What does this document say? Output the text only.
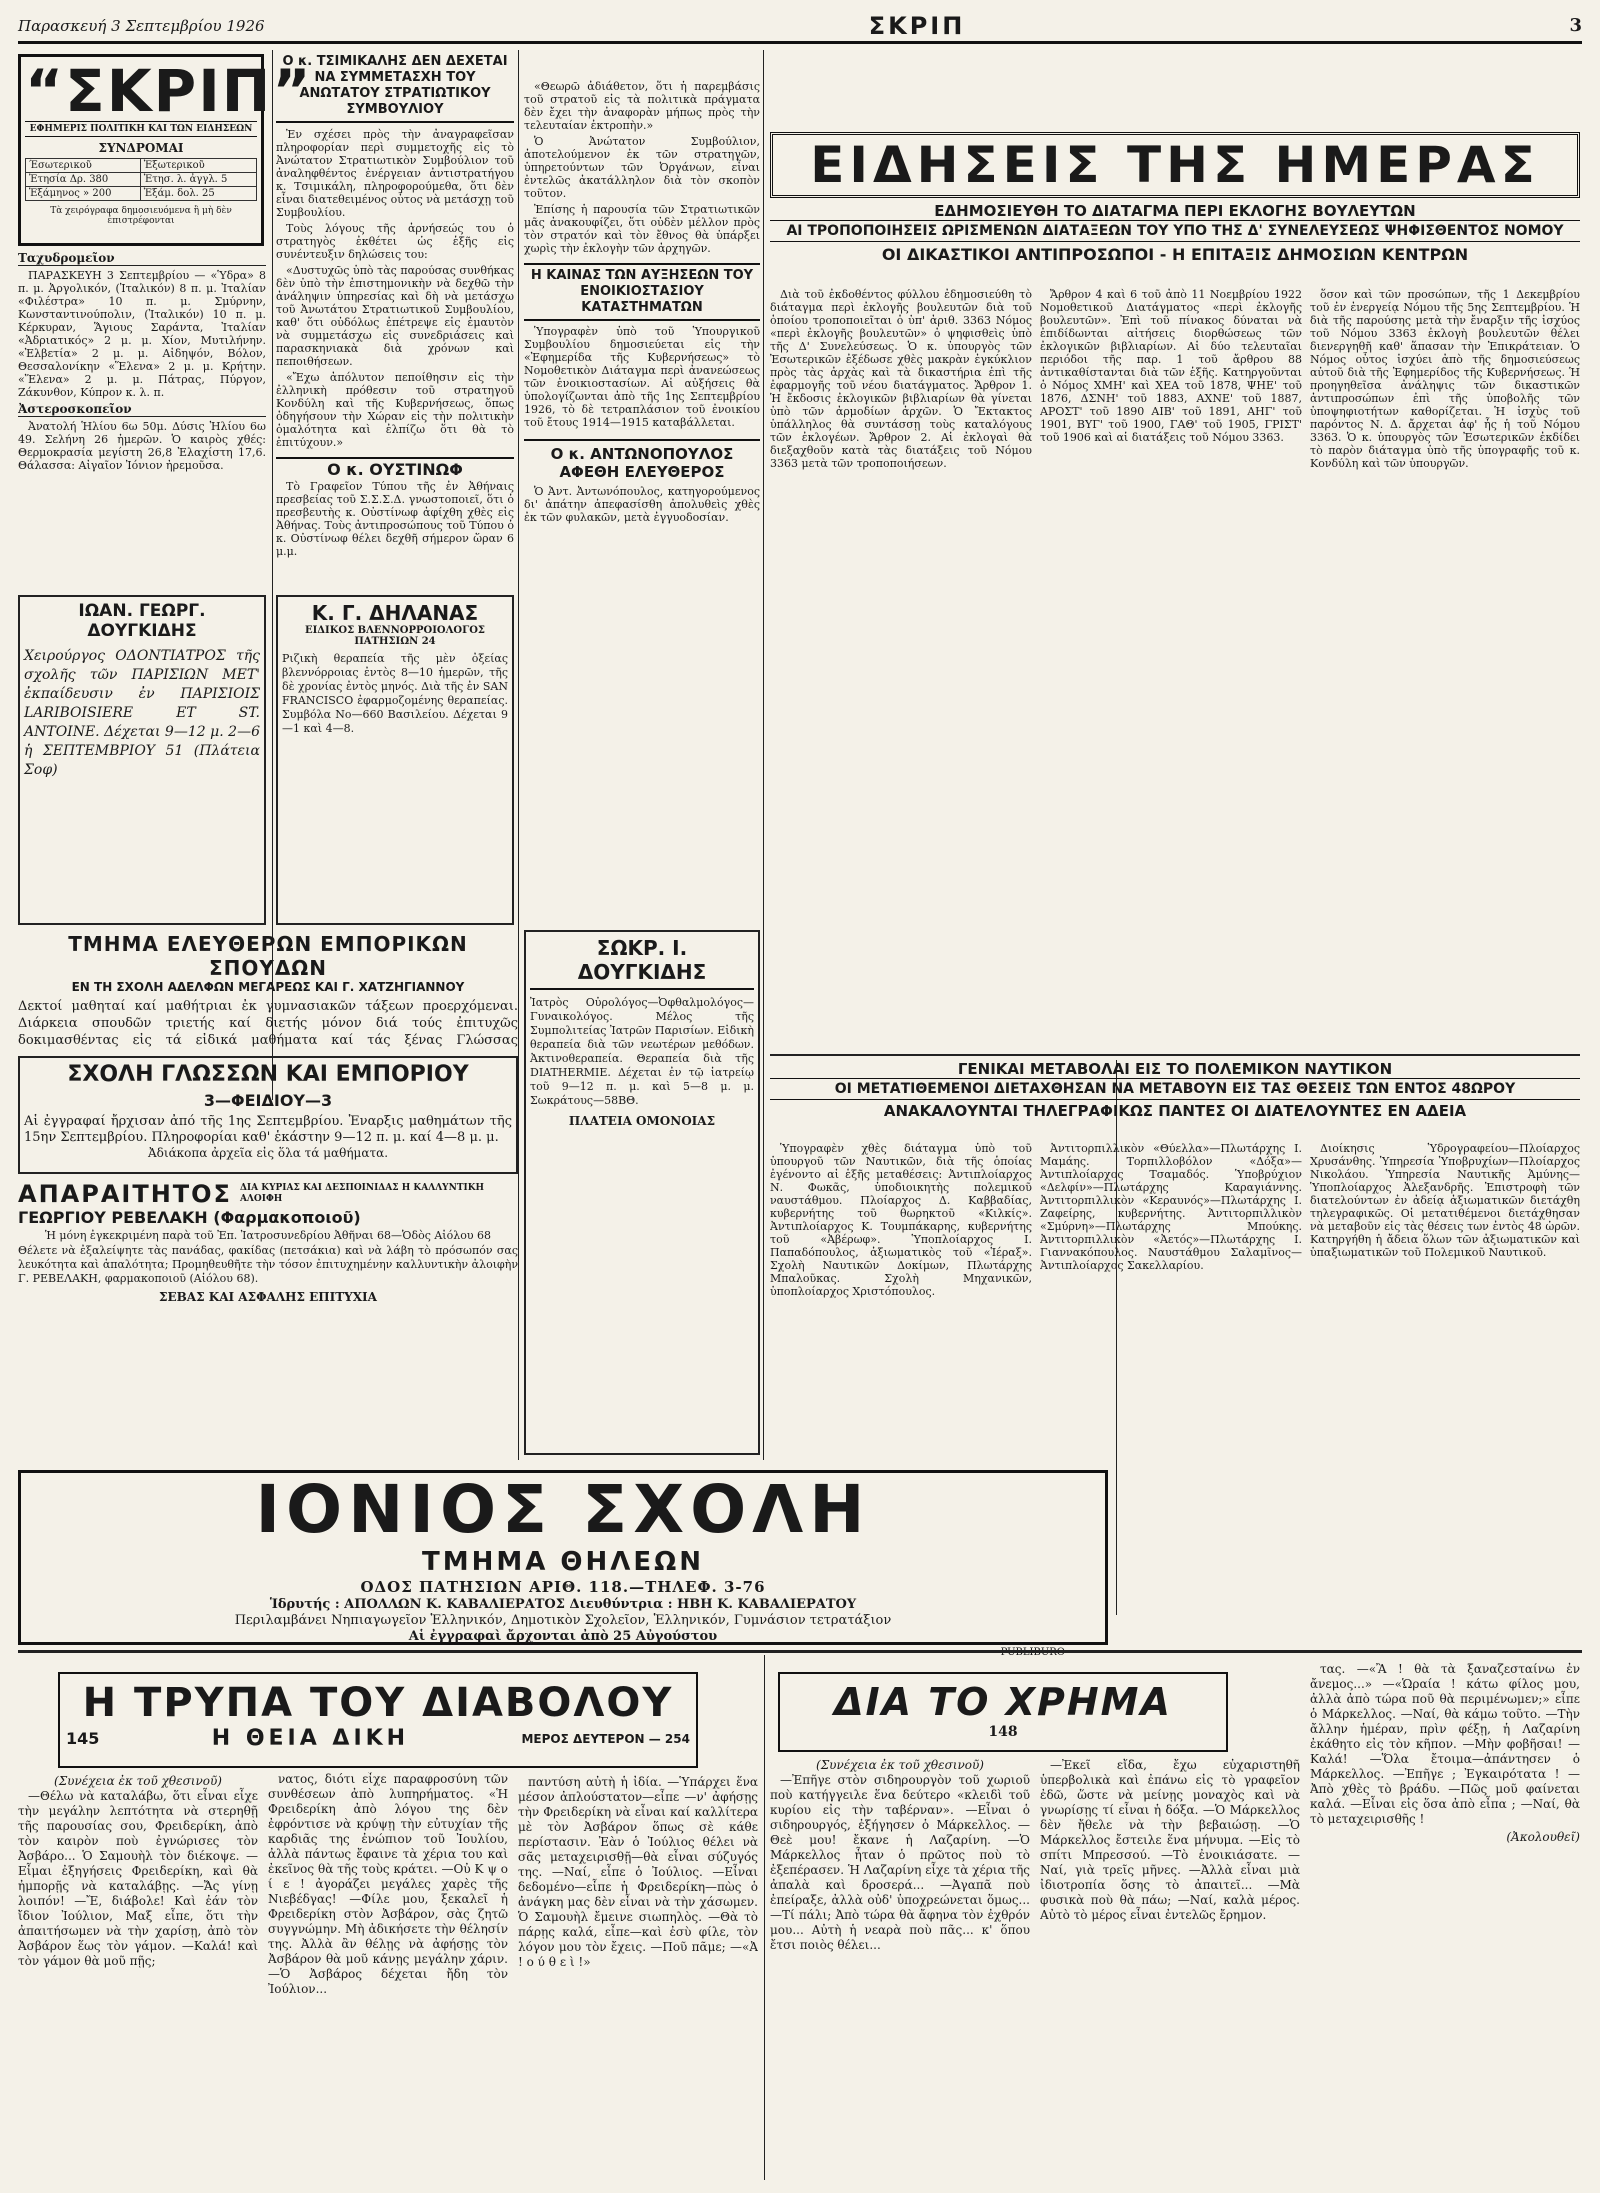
Παρασκευή 3 Σεπτεμβρίου 1926	ΣΚΡΙΠ	3
“ΣΚΡΙΠ”
ΕΦΗΜΕΡΙΣ ΠΟΛΙΤΙΚΗ ΚΑΙ ΤΩΝ ΕΙΔΗΣΕΩΝ
ΣΥΝΔΡΟΜΑΙ
Έσωτερικοῦ	Ἐξωτερικοῦ
Ἐτησία Δρ. 380	Ἐτησ. λ. ἀγγλ. 5
Ἑξάμηνος » 200	Ἑξάμ. δολ. 25
Τὰ χειρόγραφα δημοσιευόμενα ἢ μὴ δὲν ἐπιστρέφονται
Ταχυδρομεῖον

ΠΑΡΑΣΚΕΥΗ 3 Σεπτεμβρίου — «Ὑδρα» 8 π. μ. Ἀργολικόν, (Ἰταλικόν) 8 π. μ. Ἰταλίαν «Φιλέστρα» 10 π. μ. Σμύρνην, Κωνσταντινούπολιν, (Ἰταλικόν) 10 π. μ. Κέρκυραν, Ἅγιους Σαράντα, Ἰταλίαν «Ἀδριατικός» 2 μ. μ. Χίον, Μυτιλήνην. «Ἐλβετία» 2 μ. μ. Αἰδηψόν, Βόλον, Θεσσαλονίκην «Ἕλενα» 2 μ. μ. Κρήτην. «Ἕλενα» 2 μ. μ. Πάτρας, Πύργον, Ζάκυνθον, Κύπρον κ. λ. π.

Ἀστεροσκοπεῖον

Ἀνατολή Ἡλίου 6ω 50μ. Δύσις Ἡλίου 6ω 49. Σελήνη 26 ἡμερῶν. Ὁ καιρὸς χθές: Θερμοκρασία μεγίστη 26,8 Ἐλαχίστη 17,6. Θάλασσα: Αἰγαῖον Ἰόνιον ἠρεμοῦσα.

ΙΩΑΝ. ΓΕΩΡΓ. ΔΟΥΓΚΙΔΗΣ
Χειρούργος ΟΔΟΝΤΙΑΤΡΟΣ τῆς σχολῆς τῶν ΠΑΡΙΣΙΩΝ ΜΕΤ' ἐκπαίδευσιν ἐν ΠΑΡΙΣΙΟΙΣ LARIBOISIERE ET ST. ANTOINE. Δέχεται 9—12 μ. 2—6 ἡ ΣΕΠΤΕΜΒΡΙΟΥ 51 (Πλάτεια Σοφ)
Κ. Γ. ΔΗΛΑΝΑΣ
ΕΙΔΙΚΟΣ ΒΛΕΝΝΟΡΡΟΙΟΛΟΓΟΣ ΠΑΤΗΣΙΩΝ 24
Ριζικὴ θεραπεία τῆς μὲν ὀξείας βλεννόρροιας ἐντὸς 8—10 ἡμερῶν, τῆς δὲ χρονίας ἐντὸς μηνός. Διὰ τῆς ἐν SAN FRANCISCO ἐφαρμοζομένης θεραπείας. Συμβόλα Νο—660 Βασιλείου. Δέχεται 9—1 καὶ 4—8.
Ο κ. ΤΣΙΜΙΚΑΛΗΣ ΔΕΝ ΔΕΧΕΤΑΙ ΝΑ ΣΥΜΜΕΤΑΣΧΗ ΤΟΥ ΑΝΩΤΑΤΟΥ ΣΤΡΑΤΙΩΤΙΚΟΥ ΣΥΜΒΟΥΛΙΟΥ

Ἐν σχέσει πρὸς τὴν ἀναγραφεῖσαν πληροφορίαν περὶ συμμετοχῆς εἰς τὸ Ἀνώτατον Στρατιωτικὸν Συμβούλιον τοῦ ἀναληφθέντος ἐνέργειαν ἀντιστρατήγου κ. Τσιμικάλη, πληροφορούμεθα, ὅτι δὲν εἶναι διατεθειμένος οὗτος νὰ μετάσχῃ τοῦ Συμβουλίου.

Τοὺς λόγους τῆς ἀρνήσεώς του ὁ στρατηγὸς ἐκθέτει ὡς ἑξῆς εἰς συνέντευξιν δηλώσεις του:

«Δυστυχῶς ὑπὸ τὰς παρούσας συνθήκας δὲν ὑπὸ τὴν ἐπιστημονικὴν νὰ δεχθῶ τὴν ἀνάληψιν ὑπηρεσίας καὶ δὴ νὰ μετάσχω τοῦ Ἀνωτάτου Στρατιωτικοῦ Συμβουλίου, καθ' ὅτι οὐδόλως ἐπέτρεψε εἰς ἐμαυτὸν νὰ συμμετάσχω εἰς συνεδριάσεις καὶ παρασκηνιακὰ διὰ χρόνων καὶ πεποιθήσεων.

«Ἔχω ἀπόλυτον πεποίθησιν εἰς τὴν ἐλληνικὴ πρόθεσιν τοῦ στρατηγοῦ Κονδύλη καὶ τῆς Κυβερνήσεως, ὅπως ὁδηγήσουν τὴν Χώραν εἰς τὴν πολιτικὴν ὁμαλότητα καὶ ἐλπίζω ὅτι θὰ τὸ ἐπιτύχουν.»

Ο κ. ΟΥΣΤΙΝΩΦ

Τὸ Γραφεῖον Τύπου τῆς ἐν Ἀθήναις πρεσβείας τοῦ Σ.Σ.Σ.Δ. γνωστοποιεῖ, ὅτι ὁ πρεσβευτὴς κ. Οὐστίνωφ ἀφίχθη χθὲς εἰς Ἀθήνας. Τοὺς ἀντιπροσώπους τοῦ Τύπου ὁ κ. Οὐστίνωφ θέλει δεχθῆ σήμερον ὥραν 6 μ.μ.

«Θεωρῶ ἀδιάθετον, ὅτι ἡ παρεμβάσις τοῦ στρατοῦ εἰς τὰ πολιτικὰ πράγματα δὲν ἔχει τὴν ἀναφορὰν μήπως πρὸς τὴν τελευταίαν ἐκτροπὴν.»

Ὁ Ἀνώτατον Συμβούλιον, ἀποτελούμενον ἐκ τῶν στρατηγῶν, ὑπηρετούντων τῶν Ὀργάνων, εἶναι ἐντελῶς ἀκατάλληλον διὰ τὸν σκοπὸν τοῦτον.

Ἐπίσης ἡ παρουσία τῶν Στρατιωτικῶν μᾶς ἀνακουφίζει, ὅτι οὐδὲν μέλλον πρὸς τὸν στρατόν καὶ τὸν ἔθνος θὰ ὑπάρξει χωρὶς τὴν ἐκλογὴν τῶν ἀρχηγῶν.

Η ΚΑΙΝΑΣ ΤΩΝ ΑΥΞΗΣΕΩΝ ΤΟΥ ΕΝΟΙΚΙΟΣΤΑΣΙΟΥ ΚΑΤΑΣΤΗΜΑΤΩΝ

Ὑπογραφὲν ὑπὸ τοῦ Ὑπουργικοῦ Συμβουλίου δημοσιεύεται εἰς τὴν «Ἐφημερίδα τῆς Κυβερνήσεως» τὸ Νομοθετικὸν Διάταγμα περὶ ἀνανεώσεως τῶν ἐνοικιοστασίων. Αἱ αὐξήσεις θὰ ὑπολογίζωνται ἀπὸ τῆς 1ης Σεπτεμβρίου 1926, τὸ δὲ τετραπλάσιον τοῦ ἐνοικίου τοῦ ἔτους 1914—1915 καταβάλλεται.

Ο κ. ΑΝΤΩΝΟΠΟΥΛΟΣ ΑΦΕΘΗ ΕΛΕΥΘΕΡΟΣ

Ὁ Ἀντ. Ἀντωνόπουλος, κατηγορούμενος δι' ἀπάτην ἀπεφασίσθη ἀπολυθεὶς χθὲς ἐκ τῶν φυλακῶν, μετὰ ἐγγυοδοσίαν.

ΤΜΗΜΑ ΕΛΕΥΘΕΡΩΝ ΕΜΠΟΡΙΚΩΝ ΣΠΟΥΔΩΝ
ΕΝ ΤΗ ΣΧΟΛΗ ΑΔΕΛΦΩΝ ΜΕΓΑΡΕΩΣ ΚΑΙ Γ. ΧΑΤΖΗΓΙΑΝΝΟΥ
Δεκτοί μαθηταί καί μαθήτριαι ἐκ γυμνασιακῶν τάξεων προερχόμεναι. Διάρκεια σπουδῶν τριετής καί διετής μόνον διά τούς ἐπιτυχῶς δοκιμασθέντας εἰς τά εἰδικά μαθήματα καί τάς ξένας Γλώσσας
ΣΧΟΛΗ ΓΛΩΣΣΩΝ ΚΑΙ ΕΜΠΟΡΙΟΥ
3—ΦΕΙΔΙΟΥ—3
Αἱ ἐγγραφαί ἤρχισαν ἀπό τῆς 1ης Σεπτεμβρίου. Ἐναρξις μαθημάτων τῆς 15ην Σεπτεμβρίου. Πληροφορίαι καθ' ἑκάστην 9—12 π. μ. καί 4—8 μ. μ.
Ἀδιάκοπα ἀρχεῖα εἰς ὅλα τά μαθήματα.
ΑΠΑΡΑΙΤΗΤΟΣ ΔΙΑ ΚΥΡΙΑΣ ΚΑΙ ΔΕΣΠΟΙΝΙΔΑΣ Η ΚΑΛΛΥΝΤΙΚΗ ΑΛΟΙΦΗ
ΓΕΩΡΓΙΟΥ ΡΕΒΕΛΑΚΗ (Φαρμακοποιοῦ)
Ἡ μόνη ἐγκεκριμένη παρὰ τοῦ Ἐπ. Ἰατροσυνεδρίου Ἀθῆναι 68—Ὁδὸς Αἰόλου 68
Θέλετε νὰ ἐξαλείψητε τὰς πανάδας, φακίδας (πετσάκια) καὶ νὰ λάβη τὸ πρόσωπόν σας λευκότητα καὶ ἁπαλότητα; Προμηθευθῆτε τὴν τόσον ἐπιτυχημένην καλλυντικὴν ἀλοιφὴν Γ. ΡΕΒΕΛΑΚΗ, φαρμακοποιοῦ (Αἰόλου 68).
ΣΕΒΑΣ ΚΑΙ ΑΣΦΑΛΗΣ ΕΠΙΤΥΧΙΑ
ΣΩΚΡ. Ι. ΔΟΥΓΚΙΔΗΣ
Ἰατρὸς Οὐρολόγος—Ὀφθαλμολόγος—Γυναικολόγος. Μέλος τῆς Συμπολιτείας Ἰατρῶν Παρισίων. Εἰδικὴ θεραπεία διὰ τῶν νεωτέρων μεθόδων. Ἀκτινοθεραπεία. Θεραπεία διὰ τῆς DIATHERMIE. Δέχεται ἐν τῷ ἰατρείῳ τοῦ 9—12 π. μ. καὶ 5—8 μ. μ. Σωκράτους—58ΒΘ.
ΠΛΑΤΕΙΑ ΟΜΟΝΟΙΑΣ
ΕΙΔΗΣΕΙΣ ΤΗΣ ΗΜΕΡΑΣ
ΕΔΗΜΟΣΙΕΥΘΗ ΤΟ ΔΙΑΤΑΓΜΑ ΠΕΡΙ ΕΚΛΟΓΗΣ ΒΟΥΛΕΥΤΩΝ
ΑΙ ΤΡΟΠΟΠΟΙΗΣΕΙΣ ΩΡΙΣΜΕΝΩΝ ΔΙΑΤΑΞΕΩΝ ΤΟΥ ΥΠΟ ΤΗΣ Δ' ΣΥΝΕΛΕΥΣΕΩΣ ΨΗΦΙΣΘΕΝΤΟΣ ΝΟΜΟΥ
ΟΙ ΔΙΚΑΣΤΙΚΟΙ ΑΝΤΙΠΡΟΣΩΠΟΙ - Η ΕΠΙΤΑΞΙΣ ΔΗΜΟΣΙΩΝ ΚΕΝΤΡΩΝ

Διὰ τοῦ ἐκδοθέντος φύλλου ἐδημοσιεύθη τὸ διάταγμα περὶ ἐκλογῆς βουλευτῶν διὰ τοῦ ὁποίου τροποποιεῖται ὁ ὑπ' ἀριθ. 3363 Νόμος «περὶ ἐκλογῆς βουλευτῶν» ὁ ψηφισθεὶς ὑπὸ τῆς Δ' Συνελεύσεως. Ὁ κ. ὑπουργὸς τῶν Ἐσωτερικῶν ἐξέδωσε χθὲς μακρὰν ἐγκύκλιον πρὸς τὰς ἀρχὰς καὶ τὰ δικαστήρια ἐπὶ τῆς ἐφαρμογῆς τοῦ νέου διατάγματος. Ἄρθρον 1. Ἡ ἔκδοσις ἐκλογικῶν βιβλιαρίων θὰ γίνεται ὑπὸ τῶν ἀρμοδίων ἀρχῶν. Ὁ Ἔκτακτος ὑπάλληλος θὰ συντάσσῃ τοὺς καταλόγους τῶν ἐκλογέων. Ἄρθρον 2. Αἱ ἐκλογαὶ θὰ διεξαχθοῦν κατὰ τὰς διατάξεις τοῦ Νόμου 3363 μετὰ τῶν τροποποιήσεων.

Ἄρθρον 4 καὶ 6 τοῦ ἀπὸ 11 Νοεμβρίου 1922 Νομοθετικοῦ Διατάγματος «περὶ ἐκλογῆς βουλευτῶν». Ἐπὶ τοῦ πίνακος δύναται νὰ ἐπιδίδωνται αἰτήσεις διορθώσεως τῶν ἐκλογικῶν βιβλιαρίων. Αἱ δύο τελευταῖαι περιόδοι τῆς παρ. 1 τοῦ ἄρθρου 88 ἀντικαθίστανται διὰ τῶν ἑξῆς. Κατηργοῦνται ὁ Νόμος ΧΜΗ' καὶ ΧΕΑ τοῦ 1878, ΨΗΕ' τοῦ 1876, ΔΣΝΗ' τοῦ 1883, ΑΧΝΕ' τοῦ 1887, ΑΡΟΣΤ' τοῦ 1890 ΑΙΒ' τοῦ 1891, ΑΗΓ' τοῦ 1901, ΒΥΓ' τοῦ 1900, ΓΑΘ' τοῦ 1905, ΓΡΙΣΤ' τοῦ 1906 καὶ αἱ διατάξεις τοῦ Νόμου 3363.

ὅσον καὶ τῶν προσώπων, τῆς 1 Δεκεμβρίου τοῦ ἐν ἐνεργείᾳ Νόμου τῆς 5ης Σεπτεμβρίου. Ἡ διὰ τῆς παρούσης μετὰ τὴν ἔναρξιν τῆς ἰσχύος τοῦ Νόμου 3363 ἐκλογὴ βουλευτῶν θέλει διενεργηθῆ καθ' ἅπασαν τὴν Ἐπικράτειαν. Ὁ Νόμος οὗτος ἰσχύει ἀπὸ τῆς δημοσιεύσεως αὐτοῦ διὰ τῆς Ἐφημερίδος τῆς Κυβερνήσεως. Ἡ προηγηθεῖσα ἀνάληψις τῶν δικαστικῶν ἀντιπροσώπων ἐπὶ τῆς ὑποβολῆς τῶν ὑποψηφιοτήτων καθορίζεται. Ἡ ἰσχὺς τοῦ παρόντος Ν. Δ. ἄρχεται ἀφ' ἧς ἡ τοῦ Νόμου 3363. Ὁ κ. ὑπουργὸς τῶν Ἐσωτερικῶν ἐκδίδει τὸ παρὸν διάταγμα ὑπὸ τῆς ὑπογραφῆς τοῦ κ. Κονδύλη καὶ τῶν ὑπουργῶν.

ΓΕΝΙΚΑΙ ΜΕΤΑΒΟΛΑΙ ΕΙΣ ΤΟ ΠΟΛΕΜΙΚΟΝ ΝΑΥΤΙΚΟΝ
ΟΙ ΜΕΤΑΤΙΘΕΜΕΝΟΙ ΔΙΕΤΑΧΘΗΣΑΝ ΝΑ ΜΕΤΑΒΟΥΝ ΕΙΣ ΤΑΣ ΘΕΣΕΙΣ ΤΩΝ ΕΝΤΟΣ 48ΩΡΟΥ
ΑΝΑΚΑΛΟΥΝΤΑΙ ΤΗΛΕΓΡΑΦΙΚΩΣ ΠΑΝΤΕΣ ΟΙ ΔΙΑΤΕΛΟΥΝΤΕΣ ΕΝ ΑΔΕΙΑ

Ὑπογραφὲν χθὲς διάταγμα ὑπὸ τοῦ ὑπουργοῦ τῶν Ναυτικῶν, διὰ τῆς ὁποίας ἐγένοντο αἱ ἑξῆς μεταθέσεις: Ἀντιπλοίαρχος Ν. Φωκᾶς, ὑποδιοικητὴς πολεμικοῦ ναυστάθμου. Πλοίαρχος Δ. Καββαδίας, κυβερνήτης τοῦ θωρηκτοῦ «Κιλκίς». Ἀντιπλοίαρχος Κ. Τουμπάκαρης, κυβερνήτης τοῦ «Ἀβέρωφ». Ὑποπλοίαρχος Ι. Παπαδόπουλος, ἀξιωματικὸς τοῦ «Ἱέραξ». Σχολὴ Ναυτικῶν Δοκίμων, Πλωτάρχης Μπαλοῦκας. Σχολὴ Μηχανικῶν, ὑποπλοίαρχος Χριστόπουλος.

Ἀντιτορπιλλικὸν «Θύελλα»—Πλωτάρχης Ι. Μαμάης. Τορπιλλοβόλον «Δόξα»—Ἀντιπλοίαρχος Τσαμαδός. Ὑποβρύχιον «Δελφίν»—Πλωτάρχης Καραγιάννης. Ἀντιτορπιλλικὸν «Κεραυνός»—Πλωτάρχης Ι. Ζαφείρης, κυβερνήτης. Ἀντιτορπιλλικὸν «Σμύρνη»—Πλωτάρχης Μπούκης. Ἀντιτορπιλλικὸν «Ἀετός»—Πλωτάρχης Ι. Γιαννακόπουλος. Ναυστάθμου Σαλαμῖνος—Ἀντιπλοίαρχος Σακελλαρίου.

Διοίκησις Ὑδρογραφείου—Πλοίαρχος Χρυσάνθης. Ὑπηρεσία Ὑποβρυχίων—Πλοίαρχος Νικολάου. Ὑπηρεσία Ναυτικῆς Ἀμύνης—Ὑποπλοίαρχος Ἀλεξανδρῆς. Ἐπιστροφὴ τῶν διατελούντων ἐν ἀδείᾳ ἀξιωματικῶν διετάχθη τηλεγραφικῶς. Οἱ μετατιθέμενοι διετάχθησαν νὰ μεταβοῦν εἰς τὰς θέσεις των ἐντὸς 48 ὡρῶν. Κατηργήθη ἡ ἄδεια ὅλων τῶν ἀξιωματικῶν καὶ ὑπαξιωματικῶν τοῦ Πολεμικοῦ Ναυτικοῦ.

ΙΟΝΙΟΣ ΣΧΟΛΗ
ΤΜΗΜΑ ΘΗΛΕΩΝ
ΟΔΟΣ ΠΑΤΗΣΙΩΝ ΑΡΙΘ. 118.—ΤΗΛΕΦ. 3-76
Ἱδρυτής : ΑΠΟΛΛΩΝ Κ. ΚΑΒΑΛΙΕΡΑΤΟΣ Διευθύντρια : ΗΒΗ Κ. ΚΑΒΑΛΙΕΡΑΤΟΥ
Περιλαμβάνει Νηπιαγωγεῖον Ἑλληνικόν, Δημοτικὸν Σχολεῖον, Ἑλληνικόν, Γυμνάσιον τετρατάξιον
Αἱ ἐγγραφαὶ ἄρχονται ἀπὸ 25 Αὐγούστου
PUBLIBURO
Η ΤΡΥΠΑ ΤΟΥ ΔΙΑΒΟΛΟΥ
145	Η ΘΕΙΑ ΔΙΚΗ	ΜΕΡΟΣ ΔΕΥΤΕΡΟΝ — 254
(Συνέχεια ἐκ τοῦ χθεσινοῦ)

—Θέλω νὰ καταλάβω, ὅτι εἶναι εἶχε τὴν μεγάλην λεπτότητα νὰ στερηθῇ τῆς παρουσίας σου, Φρειδερίκη, ἀπὸ τὸν καιρὸν ποὺ ἐγνώρισες τὸν Ἀσβάρο... Ὁ Σαμουὴλ τὸν διέκοψε. —Εἶμαι ἐξηγήσεις Φρειδερίκη, καὶ θὰ ἠμπορῇς νὰ καταλάβῃς. —Ἄς γίνῃ λοιπόν! —Ἔ, διάβολε! Καὶ ἐάν τὸν ἴδιον Ἰούλιον, Μαξ εἶπε, ὅτι τὴν ἀπαιτήσωμεν νὰ τὴν χαρίσῃ, ἀπὸ τὸν Ἀσβάρον ἕως τὸν γάμον. —Καλά! καὶ τὸν γάμον θὰ μοῦ πῇς;

νατος, διότι εἶχε παραφροσύνη τῶν συνθέσεων ἀπὸ λυπηρήματος. «Ἡ Φρειδερίκη ἀπὸ λόγου της δὲν ἐφρόντισε νὰ κρύψῃ τὴν εὐτυχίαν τῆς καρδιᾶς της ἐνώπιον τοῦ Ἰουλίου, ἀλλὰ πάντως ἔφαινε τὰ χέρια του καὶ ἐκεῖνος θὰ τῆς τοὺς κράτει. —Οὐ Κ ψ ο ί ε ! ἀγοράζει μεγάλες χαρὲς τῆς Νιεβέδγας! —Φίλε μου, ξεκαλεῖ ἡ Φρειδερίκη στὸν Ἀσβάρον, σὰς ζητῶ συγγνώμην. Μὴ ἀδικήσετε τὴν θέλησίν της. Ἀλλὰ ἂν θέλῃς νὰ ἀφήσῃς τὸν Ἀσβάρον θὰ μοῦ κάνῃς μεγάλην χάριν. —Ὁ Ἀσβάρος δέχεται ἤδη τὸν Ἰούλιον...

παντύση αὐτὴ ἡ ἰδία. —Ὑπάρχει ἕνα μέσον ἀπλούστατον—εἶπε —ν' ἀφήσῃς τὴν Φρειδερίκη νὰ εἶναι καί καλλίτερα μὲ τὸν Ἀσβάρον ὅπως σὲ κάθε περίστασιν. Ἐὰν ὁ Ἰούλιος θέλει νὰ σᾶς μεταχειρισθῇ—θὰ εἶναι σύζυγός της. —Ναί, εἶπε ὁ Ἰούλιος. —Εἶναι δεδομένο—εἶπε ἡ Φρειδερίκη—πὼς ὁ ἀνάγκη μας δὲν εἶναι νὰ τὴν χάσωμεν. Ὁ Σαμουὴλ ἔμεινε σιωπηλὸς. —Θὰ τὸ πάρῃς καλά, εἶπε—καὶ ἐσὺ φίλε, τὸν λόγον μου τὸν ἔχεις. —Ποῦ πᾶμε; —«Ἀ ! ο ύ θ ε ὶ !»

ΔΙΑ ΤΟ ΧΡΗΜΑ
148
(Συνέχεια ἐκ τοῦ χθεσινοῦ)

—Ἐπῆγε στὸν σιδηρουργὸν τοῦ χωριοῦ ποὺ κατήγγειλε ἕνα δεύτερο «κλειδὶ τοῦ κυρίου εἰς τὴν ταβέρναν». —Εἶναι ὁ σιδηρουργός, ἐξήγησεν ὁ Μάρκελλος. —Θεὲ μου! ἔκανε ἡ Λαζαρίνη. —Ὁ Μάρκελλος ἦταν ὁ πρῶτος ποὺ τὸ ἐξεπέρασεν. Ἡ Λαζαρίνη εἶχε τὰ χέρια τῆς ἀπαλὰ καὶ δροσερά... —Ἀγαπᾶ ποὺ ἐπείραξε, ἀλλὰ οὐδ' ὑποχρεώνεται ὅμως... —Τί πάλι; Ἀπὸ τώρα θὰ ἄφηνα τὸν ἐχθρόν μου... Αὐτὴ ἡ νεαρὰ ποὺ πᾶς... κ' ὅπου ἔτσι ποιὸς θέλει...

—Ἐκεῖ εἴδα, ἔχω εὐχαριστηθῆ ὑπερβολικὰ καὶ ἐπάνω εἰς τὸ γραφεῖον ἐδῶ, ὥστε νὰ μείνῃς μοναχὸς καὶ νὰ γνωρίσῃς τί εἶναι ἡ δόξα. —Ὁ Μάρκελλος δὲν ἤθελε νὰ τὴν βεβαιώσῃ. —Ὁ Μάρκελλος ἔστειλε ἕνα μήνυμα. —Εἰς τὸ σπίτι Μπρεσσού. —Τὸ ἐνοικιάσατε. —Ναί, γιὰ τρεῖς μῆνες. —Ἀλλὰ εἶναι μιὰ ἰδιοτροπία ὅσης τὸ ἀπαιτεῖ... —Μὰ φυσικὰ ποὺ θὰ πάω; —Ναί, καλὰ μέρος. Αὐτὸ τὸ μέρος εἶναι ἐντελῶς ἔρημον.

τας. —«Ἂ ! θὰ τὰ ξαναζεσταίνω ἐν ἄνεμος...» —«Ὡραία ! κάτω φίλος μου, ἀλλὰ ἀπὸ τώρα ποῦ θὰ περιμένωμεν;» εἶπε ὁ Μάρκελλος. —Ναί, θὰ κάμω τοῦτο. —Τὴν ἄλλην ἡμέραν, πρὶν φέξῃ, ἡ Λαζαρίνη ἐκάθητο εἰς τὸν κῆπον. —Μὴν φοβῆσαι! —Καλά! —Ὅλα ἔτοιμα—ἀπάντησεν ὁ Μάρκελλος. —Ἐπῆγε ; Ἐγκαιρότατα ! —Ἀπὸ χθὲς τὸ βράδυ. —Πῶς μοῦ φαίνεται καλά. —Εἶναι εἰς ὅσα ἀπὸ εἶπα ; —Ναί, θὰ τὸ μεταχειρισθῆς !

(Ἀκολουθεῖ)
